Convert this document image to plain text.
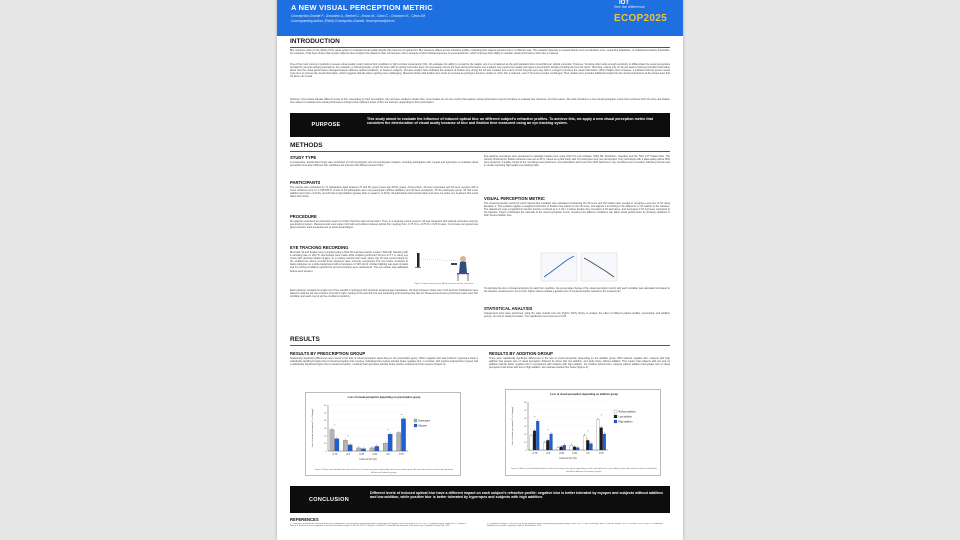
A NEW VISUAL PERCEPTION METRIC
Concepción-Grande F., González A., Benkel C., Bruno M., Cano C., Chamorro E., Cleva JM
Corresponding author: [Fidel] Concepción-Grande, fconcepcion@iot.es
IOT
See the difference
ECOP2025
INTRODUCTION
Blur tolerance refers to the ability of the visual system to maintain visual quality despite the presence of optical blur. Blur tolerance differs across refractive profiles, indicating that subjects perceive blur in a different way. This variation depends on several factors such as refractive error, neural blur adaptation, or individual sensitivity thresholds. For example, it has been shown that myopic subjects have a higher blur tolerance than emmetropes; this is because of their habitual exposure to uncorrected blur, which improves their ability to maintain visual performance when blur is induced.
One of the most common methods to assess visual quality under induced blur conditions is high contrast visual acuity (VA). VA evaluates the ability to recognize the details, and it is considered as the gold standard when prescribing an optical correction. However, VA alone often lacks enough sensitivity to differentiate the visual perceptions provided by several optical prescriptions. For example, in clinical practice, a high VA score with an optical correction does not necessarily ensure the best visual performance but a patient may report poor quality and reject a prescription despite providing the best VA result. Therefore, relying only on VA can lead to missing important information about how the visual performance changed between different optical conditions, or between subjects. Previous studies have indicated the analysis of fixation time during the VA test. Fixation time refers to how long the eyes stay still on a target to process the visual information. When fixation time increases, it indicates that the person needs more time to process the visual information, which suggests that the task is getting more challenging. Research shows that fixation time tends to increase as optotypes become smaller or when blur is induced, even if VA scores remain unchanged. Thus, fixation time provides additional insight into the visual performance at the lowest level that VA alone can reveal.
However, how people tolerate different levels of blur, depending on their prescription, has not been studied in detail. Also, most studies do not use metrics that capture visual performance beyond VA alone to evaluate blur tolerance. For that reason, this work introduces a new visual perception metric that combines both VA score and fixation time values to evaluate how visual performance changes when different levels of blur are induced, depending on their prescription.
PURPOSE
This study aimed to evaluate the influence of induced optical blur on different subject's refractive profiles. To achieve this, we apply a new visual perception metric that considers the deterioration of visual acuity because of blur and fixation time measured using an eye-tracking system.
METHODS
STUDY TYPE
A prospective, double-blind study was conducted on both presbyopic and non-presbyopic subjects, including participants with myopia and hyperopia, to evaluate visual perception loss when different blur conditions are induced with different levels of blur.
PARTICIPANTS
The sample was composed by 71 participants aged between 37 and 69 years (mean age 50±11 years). Among them, 20 were hyperopes and 40 were myopes, with a mean refractive error of -1.33±3.80 D. A total of 18 participants were non-presbyopic (without addition), and 42 were presbyopic. Of the presbyopic group, 20 had a low addition (less than +2.00 D), and 22 had a high addition (greater than or equal to +2.00 D). All participants had normal vision and were not under any treatment that could affect their vision.
PROCEDURE
All subjects underwent an optometric exam to confirm that they had normal vision. Then, in a separate 2-hour session, VA was measured with optimal correction using an eye-tracking system. Measurements were taken both with and without induced optical blur, ranging from -0.75 D to +0.75 D in 0.25 D steps. A 2-minute rest period was given between each measurement to avoid visual fatigue.
EYE TRACKING RECORDING
Binocular VA and fixation were recorded using a Tobii Pro Lab Eye-tracker system (Tobii AB, Sweden) with a sampling rate of 120 Hz. Recordings were made while subjects performed VA test at 5.7 m using eye charts with decimal notation (Figure 1). A resting method was used, where the VA was scored based on the smallest line where at least three optotypes were correctly recognized. The test charts consisted of black optotypes on a white background with a luminance of 160 cd/m2. Ambient lighting was kept constant and the testing conditions (optical blur and prescription) were randomized. The eye tracker was calibrated before each session.
Figure 1. Experimental setup for VA measurement with the eye-tracker.
Each optotype contained a single row of five Landolt C optotypes with randomly assigned gap orientations. VA steps between charts were 0.10 decimal. Participants were asked to read the full row of letters from left to right, starting at the decimal size and continuing until reaching their last VA. Measurements were performed under each blur condition and each one for all the conditions randomly.
Eye-tracking recordings were processed to calculate fixation time using Tobii Pro Lab software (Tobii AB, Stockholm, Sweden) and the Tobii I-VT fixation filter. The velocity threshold for fixation detection was set at 30°/s, based on a pilot study with 10 presbyopes and non-presbyopes. Only recordings with a data quality above 80% were analyzed. A quality control of the recordings was performed, and participants with more than 30% data loss in any recording were excluded, following criteria used in studies reporting high-quality eye-tracking data.
VISUAL PERCEPTION METRIC
The visual perception metric for each induced blur condition was calculated considering the VA score and the fixation time needed to recognize every line of VA using Equation 1. This equation applies a weighted correction to fixation time based on the VA score, and adjusts it according to the difference in VA relative to the baseline. The adjustment uses a logarithmic transfer function centered at 0. A VA ≥ 0 where fixation time increases if VA decreases, and decreases if VA improves compared to the baseline. Figure 2 illustrates the rationale of the visual perception metric, showing how different conditions can affect visual performance by showing variations in both VA and fixation time.
To calculate the loss of visual perception for each blur condition, the percentage change of the visual perception metric with each condition was calculated compared to the baseline measurement. As a result, higher values indicate a greater loss of visual perception caused by the induced blur.
STATISTICAL ANALYSIS
Independent tests were performed using the stats module from the Python SciPy library to analyze the effect of different patient profiles, prescription and addition groups, for loss of visual perception. The significance level was set at 0.05.
RESULTS
RESULTS BY PRESCRIPTION GROUP
Statistically significant differences were found in the loss of visual perception depending on the prescription group. When negative blur was induced, hyperopes show a statistically significant higher loss of visual perception than myopes, indicating that myopes tolerate better negative blur. In contrast, with positive induced blur myopes had a statistically significant higher loss of visual perception, meaning that hyperopes tolerate better positive induced blur than myopes (Figure 3).
RESULTS BY ADDITION GROUP
There were statistically significant differences in the loss of visual perception depending on the addition group. With induced negative blur, subjects with high addition had greater loss of visual perception followed by those with low addition, and lastly those without addition. This means that subjects with low and no addition tolerate better negative blur in comparison with subjects with high addition. For positive induced blur, subjects without addition had greater loss of visual perception than those with low or high addition, who tolerate positive blur better (Figure 4).
Loss of visual perception depending on prescription group
0
10
20
30
40
50
60
Loss of visual perception (% of change)
Induced blur (D)
-0.75
*
-0.5
*
-0.25	0.25	0.5
*
0.75
*
Hyperopes
Myopes
Figure 3. Mean and standard deviation of the loss of visual perception depending on the prescription group. An asterisk indicates statistically significant differences between groups.
Loss of visual perception depending on addition group
0
10
20
30
40
50
60
Loss of visual perception (% of change)
Induced blur (D)
-0.75
*
-0.5
*
-0.25	0.25	0.5
*
0.75
*
Without addition
Low addition
High addition
Figure 4. Mean and standard deviation of the loss of visual perception depending on the induced blur for each addition group. An asterisk indicates statistically significant differences between groups.
CONCLUSION
Different levels of induced optical blur have a different impact on each subject's refractive profile: negative blur is better tolerated by myopes and subjects without addition and low addition, while positive blur is better tolerated by hyperopes and subjects with high addition.
REFERENCES
1. Cufflin MP, Mankowska A, Mallen EA. Effect of blur adaptation on blur sensitivity and discrimination in emmetropes and myopes. Invest Ophthalmol Vis Sci. 2007. 2. Radhakrishnan A, Dorronsoro C, Sawides L, Marcos S. Short-term neural adaptation to simultaneous bifocal images. PLoS One. 2014. 3. Wang B, Ciuffreda KJ. Foveal blur discrimination of the human eye. Ophthalmic Physiol Opt. 2005.
4. Concepción-Grande F, Cleva JM, et al. A new method to assess visual quality using eye-tracking. Vision. 2023. 5. Tobii Technology. Tobii Pro Lab user manual. 2021. 6. Virtanen P, et al. SciPy 1.0: fundamental algorithms for scientific computing in Python. Nat Methods. 2020.
